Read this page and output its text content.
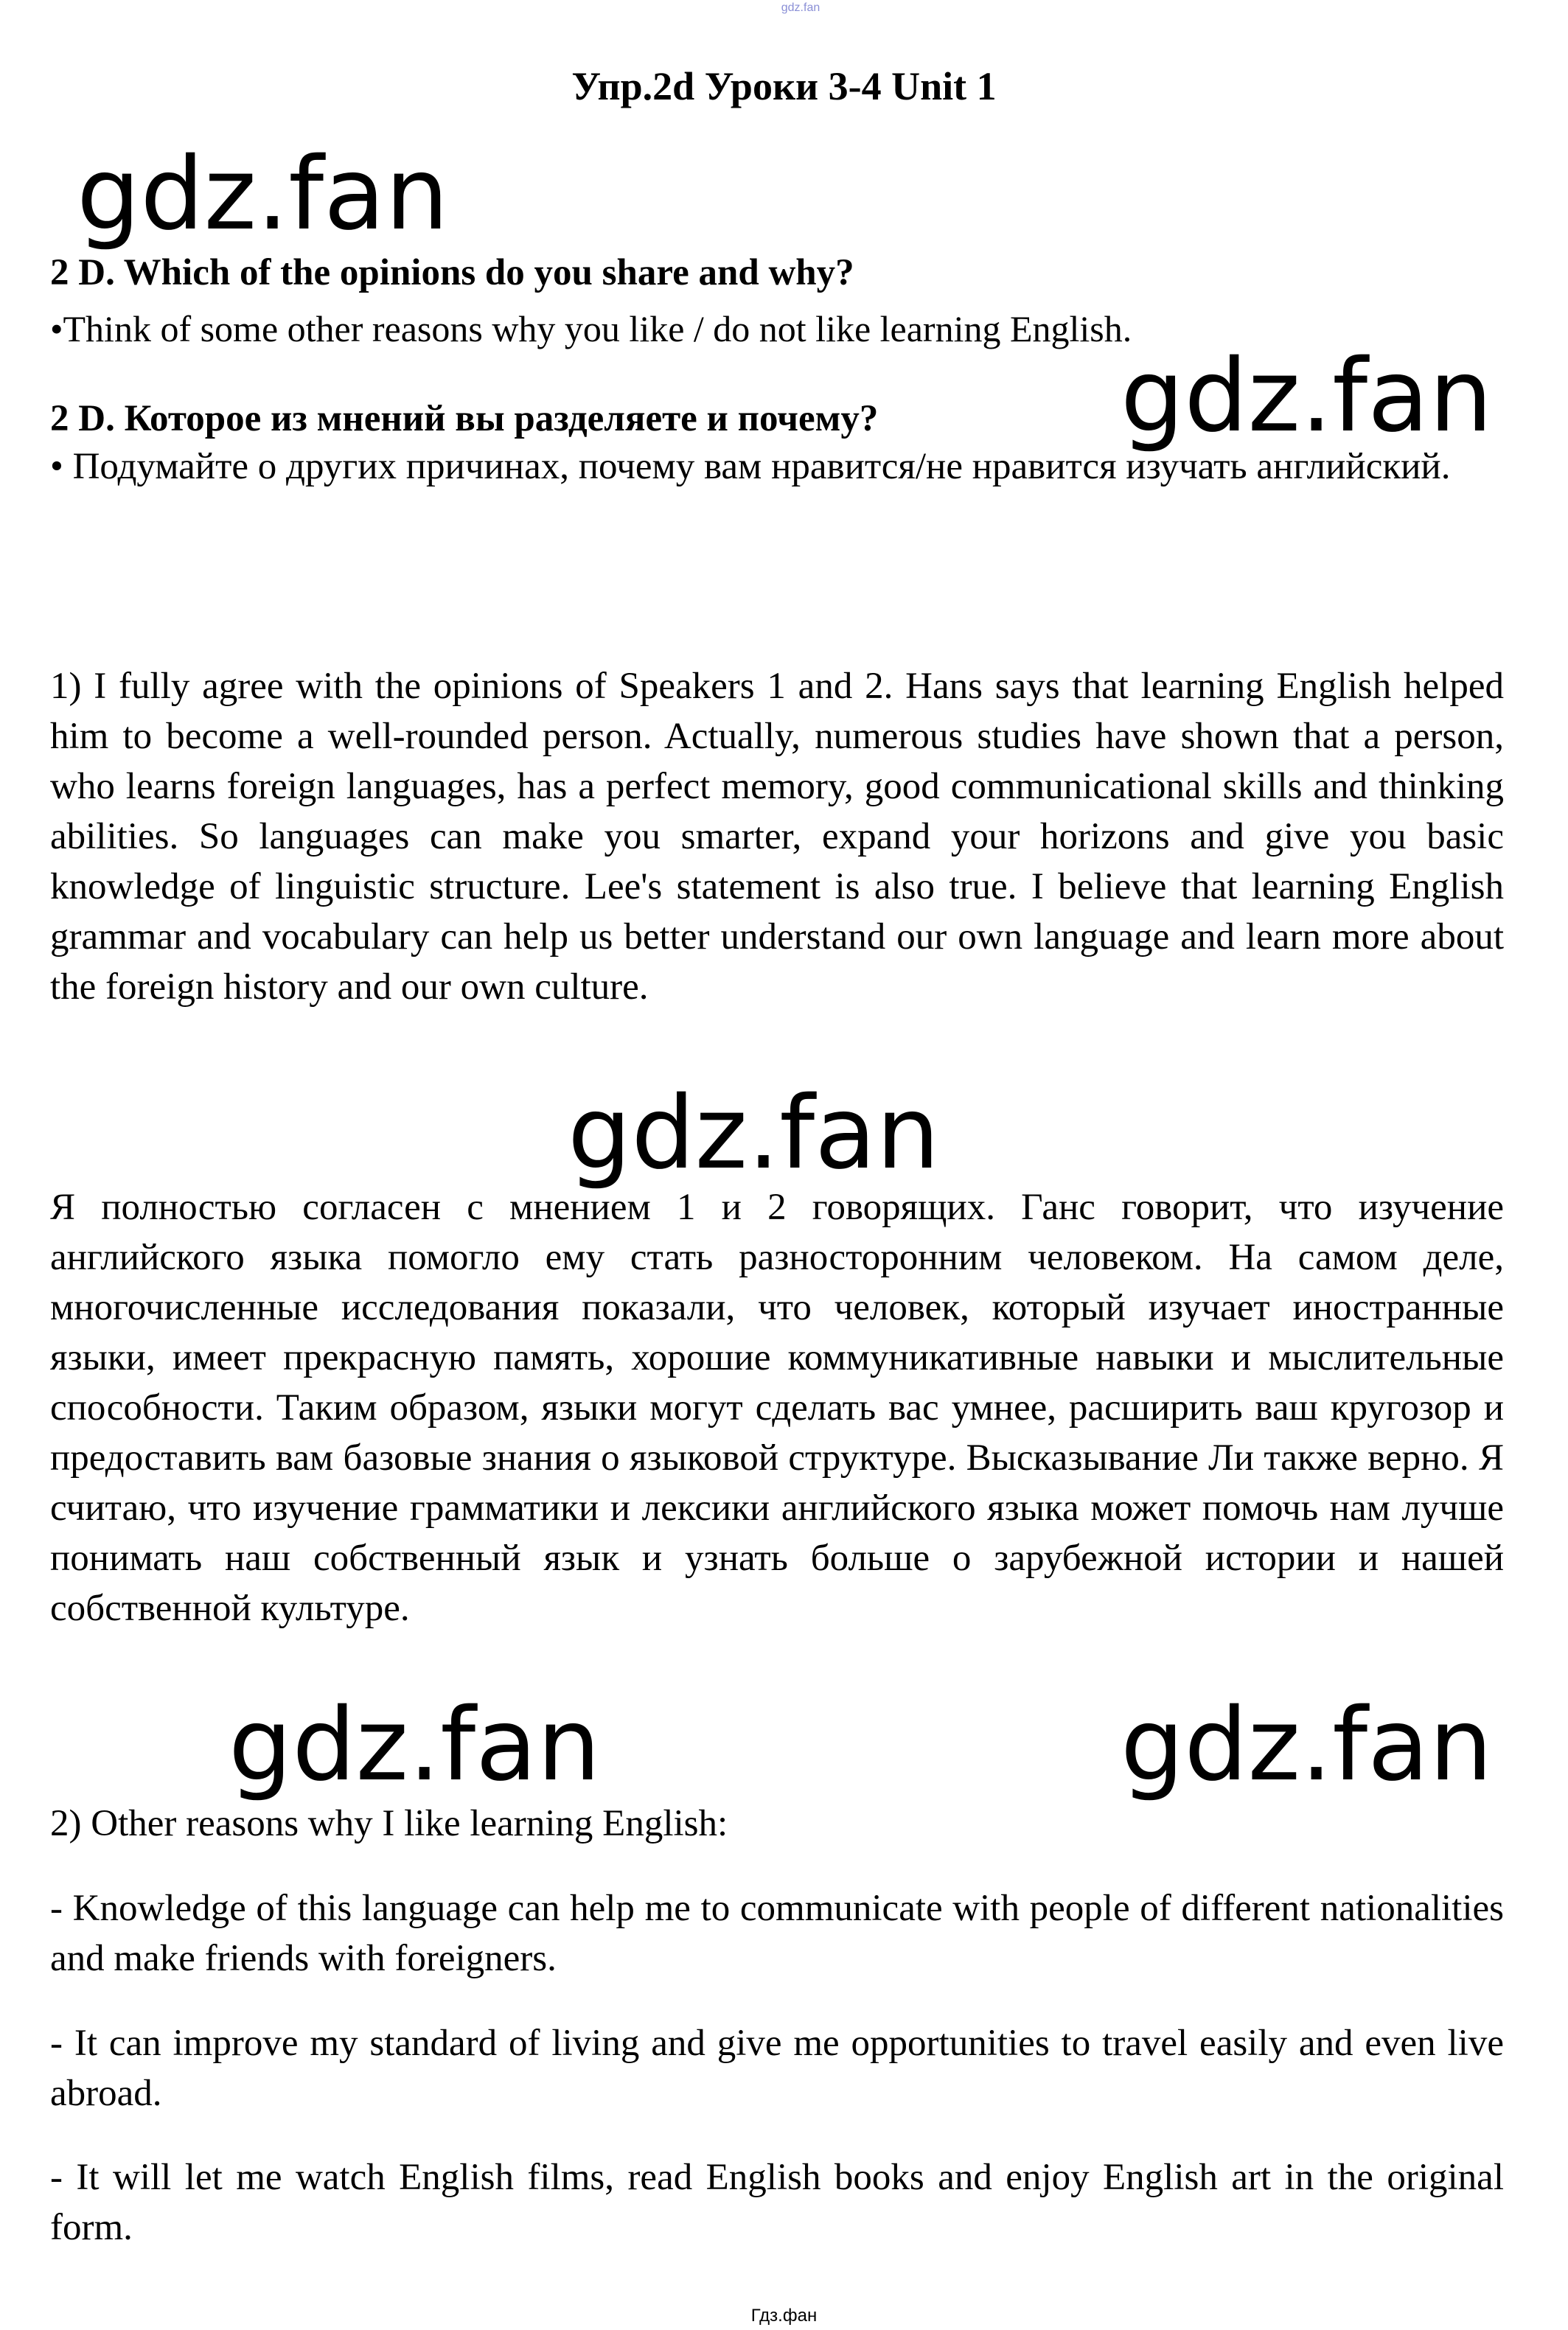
gdz.fan
Упр.2d Уроки 3-4 Unit 1
gdz.fan
2 D. Which of the opinions do you share and why?
•Think of some other reasons why you like / do not like learning English.
2 D. Которое из мнений вы разделяете и почему?	gdz.fan
• Подумайте о других причинах, почему вам нравится/не нравится изучать английский.

1) I fully agree with the opinions of Speakers 1 and 2. Hans says that learning English helped him to become a well-rounded person. Actually, numerous studies have shown that a person, who learns foreign languages, has a perfect memory, good communicational skills and thinking abilities. So languages can make you smarter, expand your horizons and give you basic knowledge of linguistic structure. Lee's statement is also true. I believe that learning English grammar and vocabulary can help us better understand our own language and learn more about the foreign history and our own culture.

gdz.fan

Я полностью согласен с мнением 1 и 2 говорящих. Ганс говорит, что изучение английского языка помогло ему стать разносторонним человеком. На самом деле, многочисленные исследования показали, что человек, который изучает иностранные языки, имеет прекрасную память, хорошие коммуникативные навыки и мыслительные способности. Таким образом, языки могут сделать вас умнее, расширить ваш кругозор и предоставить вам базовые знания о языковой структуре. Высказывание Ли также верно. Я считаю, что изучение грамматики и лексики английского языка может помочь нам лучше понимать наш собственный язык и узнать больше о зарубежной истории и нашей собственной культуре.

gdz.fan	gdz.fan
2) Other reasons why I like learning English:

- Knowledge of this language can help me to communicate with people of different nationalities and make friends with foreigners.

- It can improve my standard of living and give me opportunities to travel easily and even live abroad.

- It will let me watch English films, read English books and enjoy English art in the original form.

Гдз.фан
